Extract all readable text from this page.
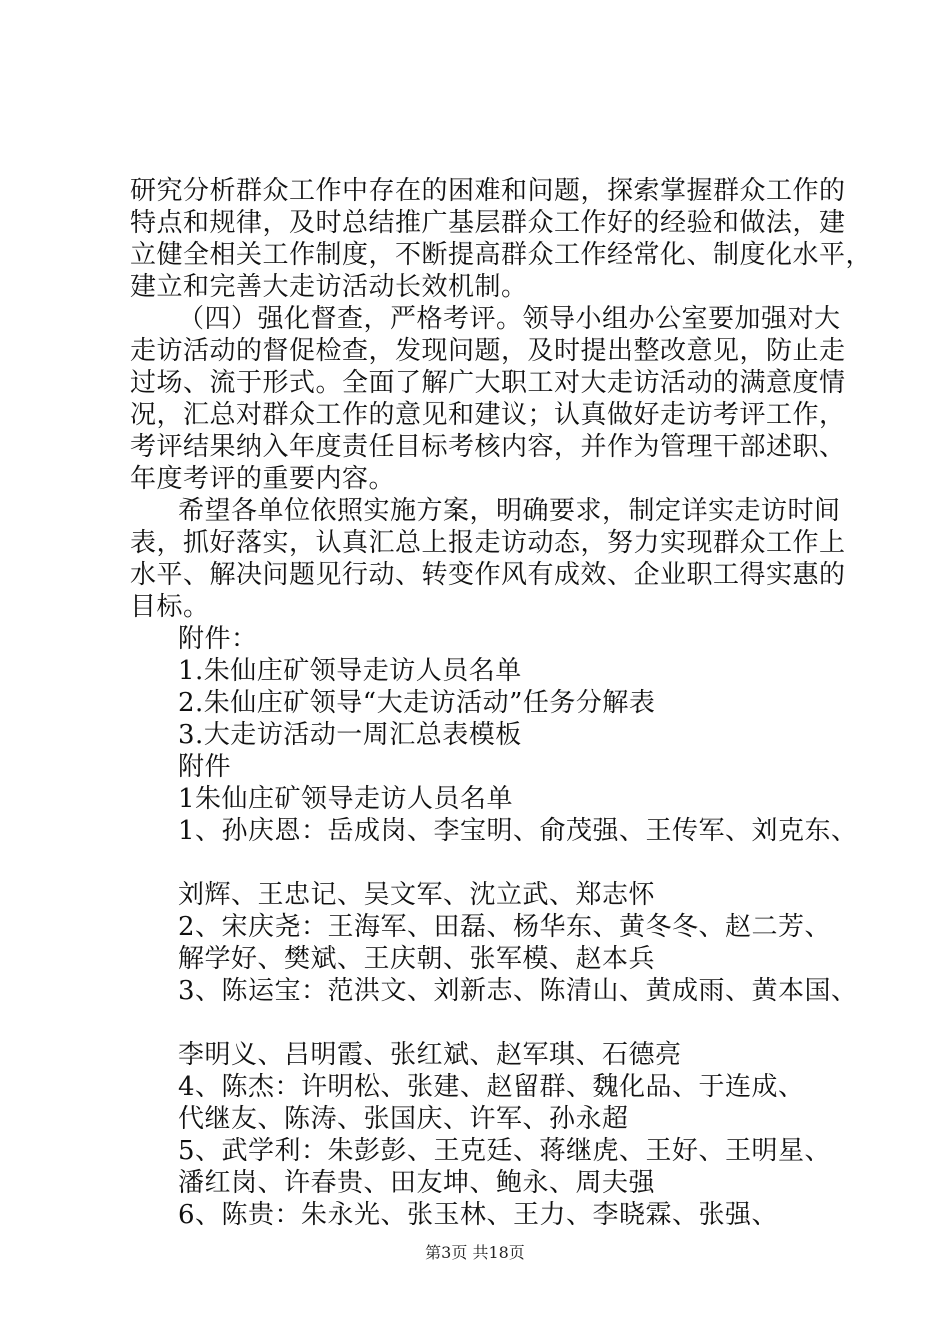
研究分析群众工作中存在的困难和问题，探索掌握群众工作的
特点和规律，及时总结推广基层群众工作好的经验和做法，建
立健全相关工作制度，不断提高群众工作经常化、制度化水平，
建立和完善大走访活动长效机制。
（四）强化督查，严格考评。领导小组办公室要加强对大
走访活动的督促检查，发现问题，及时提出整改意见，防止走
过场、流于形式。全面了解广大职工对大走访活动的满意度情
况，汇总对群众工作的意见和建议；认真做好走访考评工作，
考评结果纳入年度责任目标考核内容，并作为管理干部述职、
年度考评的重要内容。
希望各单位依照实施方案，明确要求，制定详实走访时间
表，抓好落实，认真汇总上报走访动态，努力实现群众工作上
水平、解决问题见行动、转变作风有成效、企业职工得实惠的
目标。
附件：
1.朱仙庄矿领导走访人员名单
2.朱仙庄矿领导“大走访活动”任务分解表
3.大走访活动一周汇总表模板
附件
1朱仙庄矿领导走访人员名单
1、孙庆恩：岳成岗、李宝明、俞茂强、王传军、刘克东、
刘辉、王忠记、吴文军、沈立武、郑志怀
2、宋庆尧：王海军、田磊、杨华东、黄冬冬、赵二芳、
解学好、樊斌、王庆朝、张军模、赵本兵
3、陈运宝：范洪文、刘新志、陈清山、黄成雨、黄本国、
李明义、吕明霞、张红斌、赵军琪、石德亮
4、陈杰：许明松、张建、赵留群、魏化品、于连成、
代继友、陈涛、张国庆、许军、孙永超
5、武学利：朱彭彭、王克廷、蒋继虎、王好、王明星、
潘红岗、许春贵、田友坤、鲍永、周夫强
6、陈贵：朱永光、张玉林、王力、李晓霖、张强、
第3页 共18页
